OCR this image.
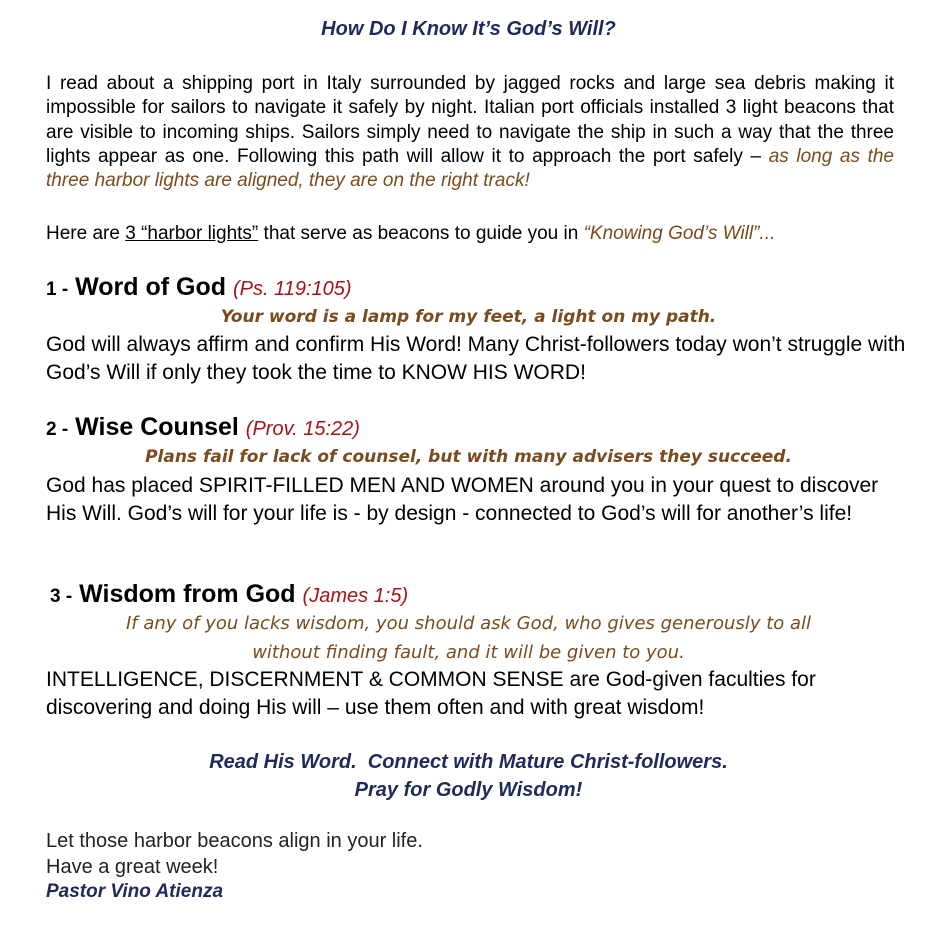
How Do I Know It’s God’s Will?
I read about a shipping port in Italy surrounded by jagged rocks and large sea debris making it impossible for sailors to navigate it safely by night. Italian port officials installed 3 light beacons that are visible to incoming ships. Sailors simply need to navigate the ship in such a way that the three lights appear as one. Following this path will allow it to approach the port safely – as long as the three harbor lights are aligned, they are on the right track!
Here are 3 “harbor lights” that serve as beacons to guide you in “Knowing God’s Will”...
1 - Word of God (Ps. 119:105)
Your word is a lamp for my feet, a light on my path.
God will always affirm and confirm His Word! Many Christ-followers today won’t struggle with God’s Will if only they took the time to KNOW HIS WORD!
2 - Wise Counsel (Prov. 15:22)
Plans fail for lack of counsel, but with many advisers they succeed.
God has placed SPIRIT-FILLED MEN AND WOMEN around you in your quest to discover His Will. God’s will for your life is - by design - connected to God’s will for another’s life!
3 - Wisdom from God (James 1:5)
If any of you lacks wisdom, you should ask God, who gives generously to all
without finding fault, and it will be given to you.
INTELLIGENCE, DISCERNMENT & COMMON SENSE are God-given faculties for discovering and doing His will – use them often and with great wisdom!
Read His Word.  Connect with Mature Christ-followers.
Pray for Godly Wisdom!
Let those harbor beacons align in your life.
Have a great week!
Pastor Vino Atienza
